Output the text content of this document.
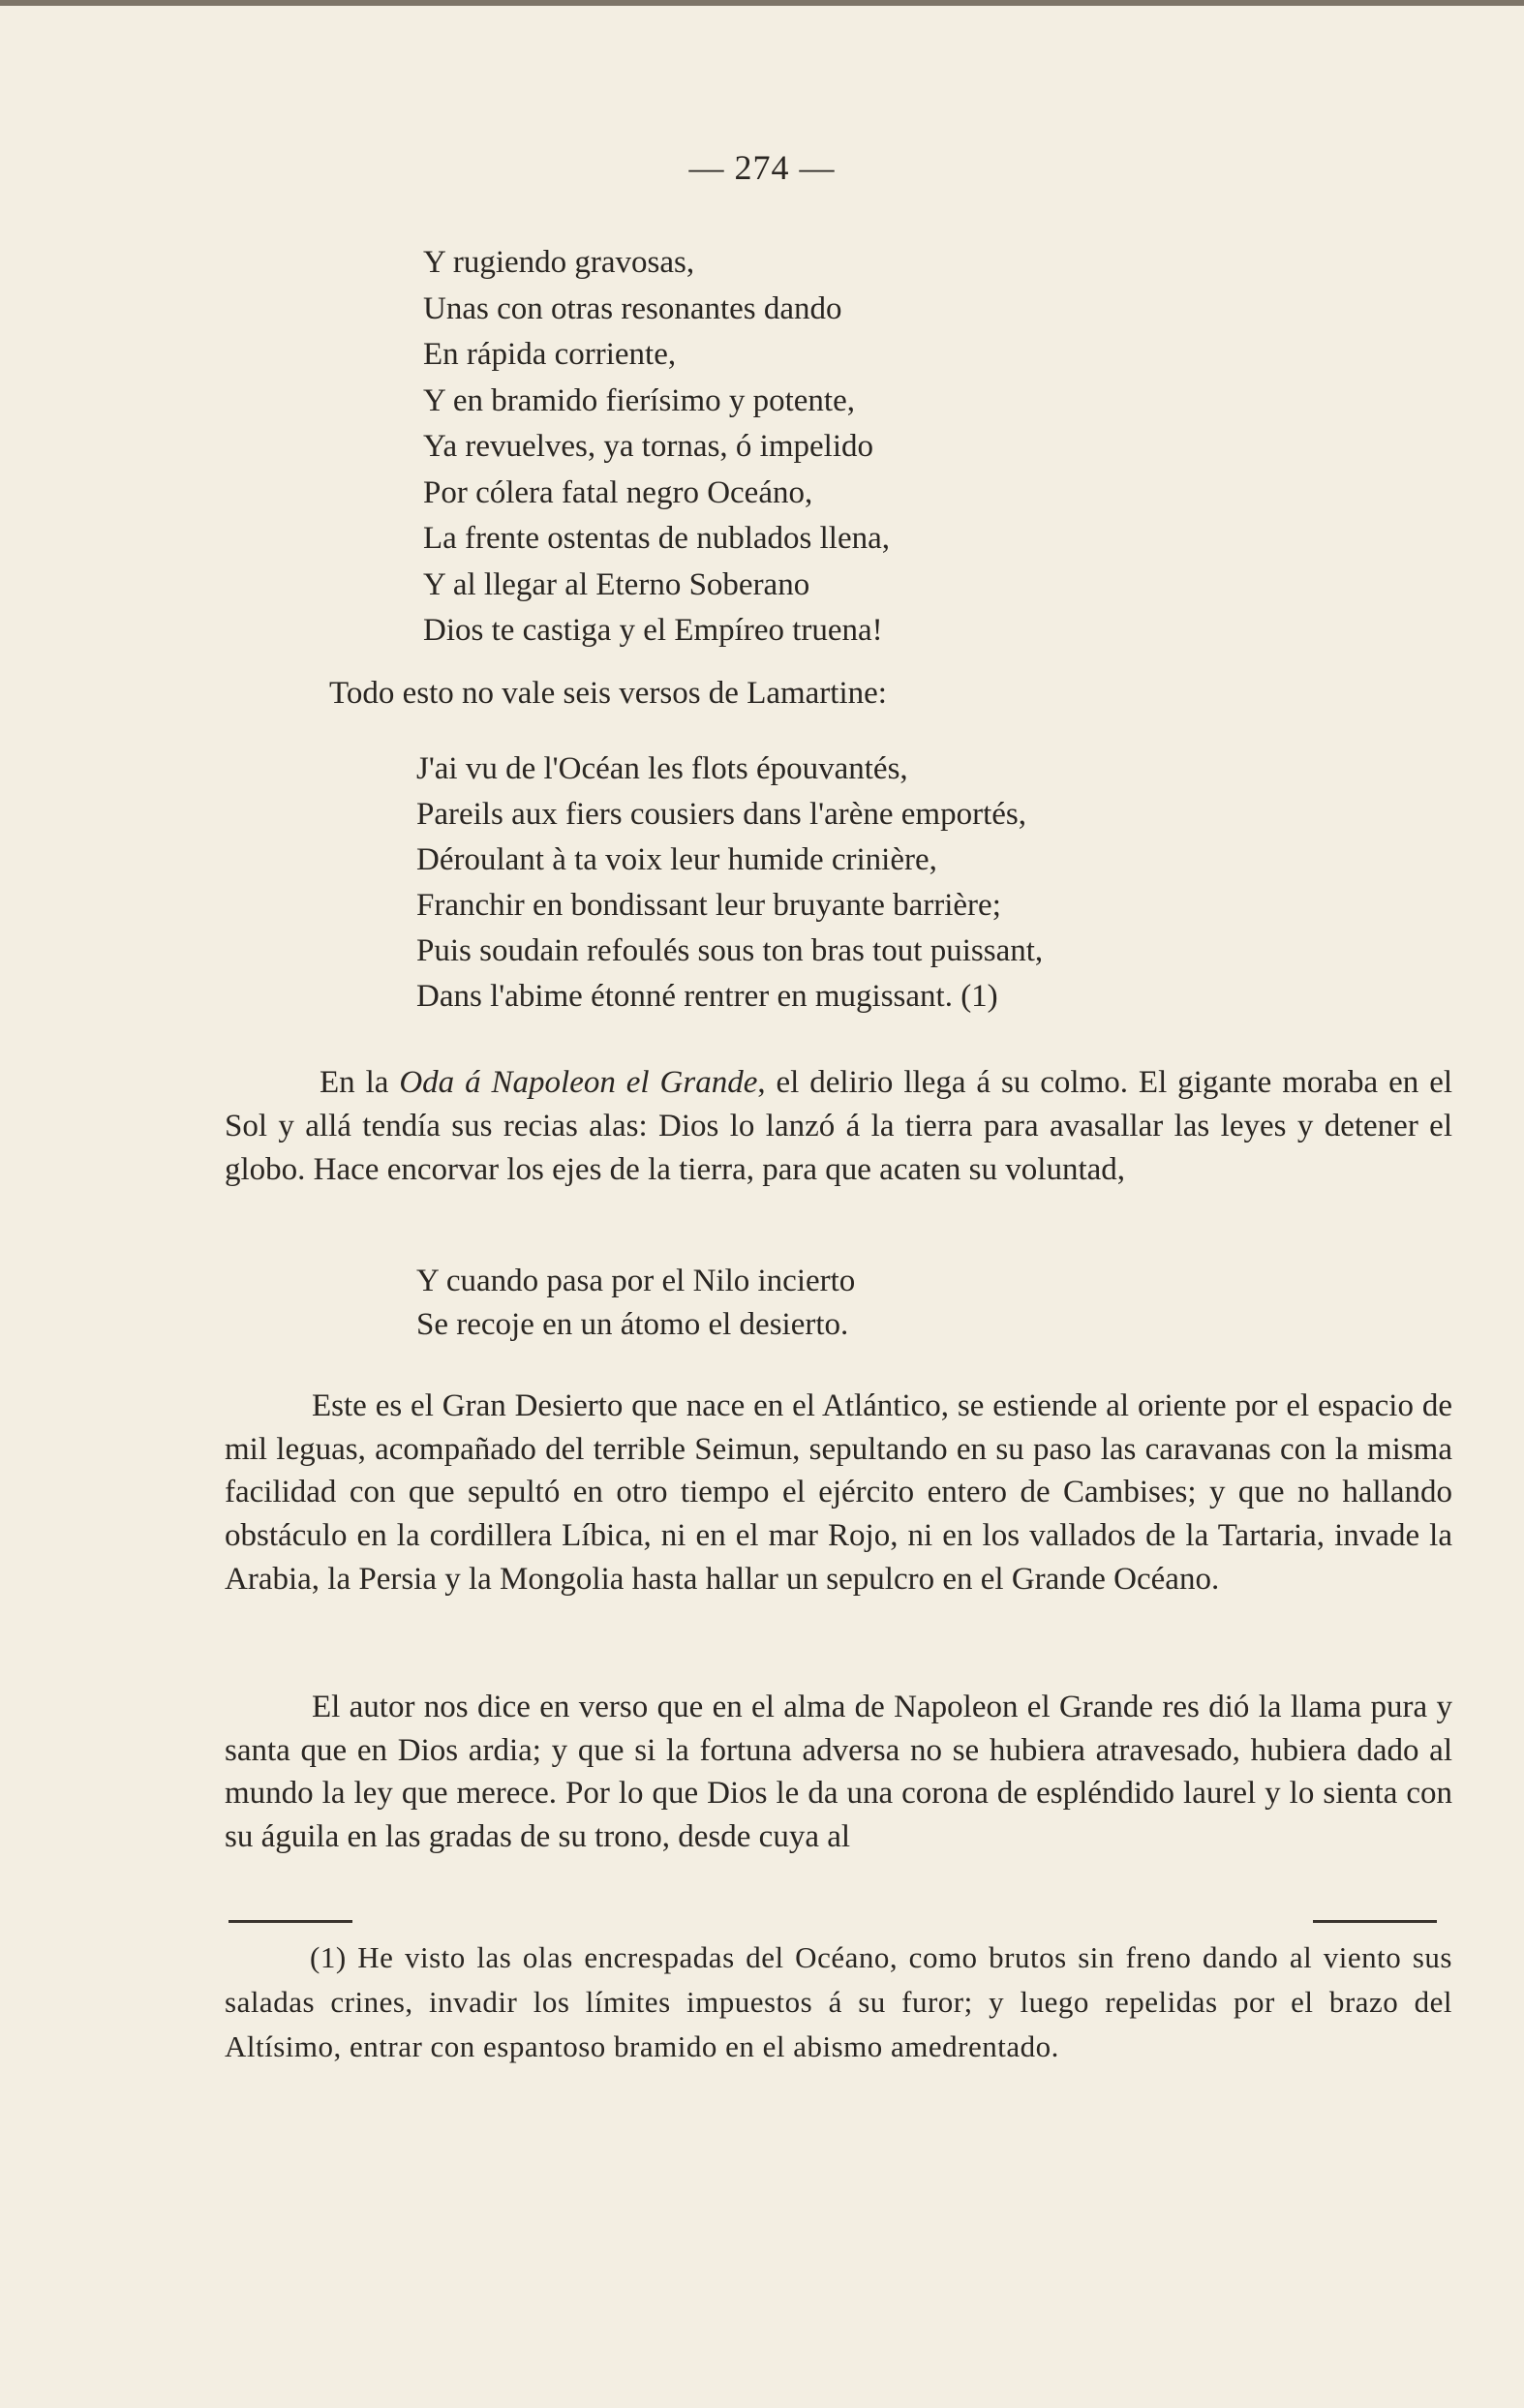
— 274 —
Y rugiendo gravosas,
Unas con otras resonantes dando
En rápida corriente,
Y en bramido fierísimo y potente,
Ya revuelves, ya tornas, ó impelido
Por cólera fatal negro Oceáno,
La frente ostentas de nublados llena,
Y al llegar al Eterno Soberano
Dios te castiga y el Empíreo truena!

Todo esto no vale seis versos de Lamartine:

J'ai vu de l'Océan les flots épouvantés,
Pareils aux fiers cousiers dans l'arène emportés,
Déroulant à ta voix leur humide crinière,
Franchir en bondissant leur bruyante barrière;
Puis soudain refoulés sous ton bras tout puissant,
Dans l'abime étonné rentrer en mugissant. (1)

En la Oda á Napoleon el Grande, el delirio llega á su colmo. El gigante moraba en el Sol y allá tendía sus recias alas: Dios lo lanzó á la tierra para avasallar las leyes y detener el globo. Hace encorvar los ejes de la tierra, para que acaten su voluntad,

Y cuando pasa por el Nilo incierto
Se recoje en un átomo el desierto.

Este es el Gran Desierto que nace en el Atlántico, se estiende al oriente por el espacio de mil leguas, acompañado del terrible Seimun, sepultando en su paso las caravanas con la misma facilidad con que sepultó en otro tiempo el ejército entero de Cambises; y que no hallando obstáculo en la cordillera Líbica, ni en el mar Rojo, ni en los vallados de la Tartaria, invade la Arabia, la Persia y la Mongolia hasta hallar un sepulcro en el Grande Océano.

El autor nos dice en verso que en el alma de Napoleon el Grande res dió la llama pura y santa que en Dios ardia; y que si la fortuna adversa no se hubiera atravesado, hubiera dado al mundo la ley que merece. Por lo que Dios le da una corona de espléndido laurel y lo sienta con su águila en las gradas de su trono, desde cuya al

(1) He visto las olas encrespadas del Océano, como brutos sin freno dando al viento sus saladas crines, invadir los límites impuestos á su furor; y luego repelidas por el brazo del Altísimo, entrar con espantoso bramido en el abismo amedrentado.
